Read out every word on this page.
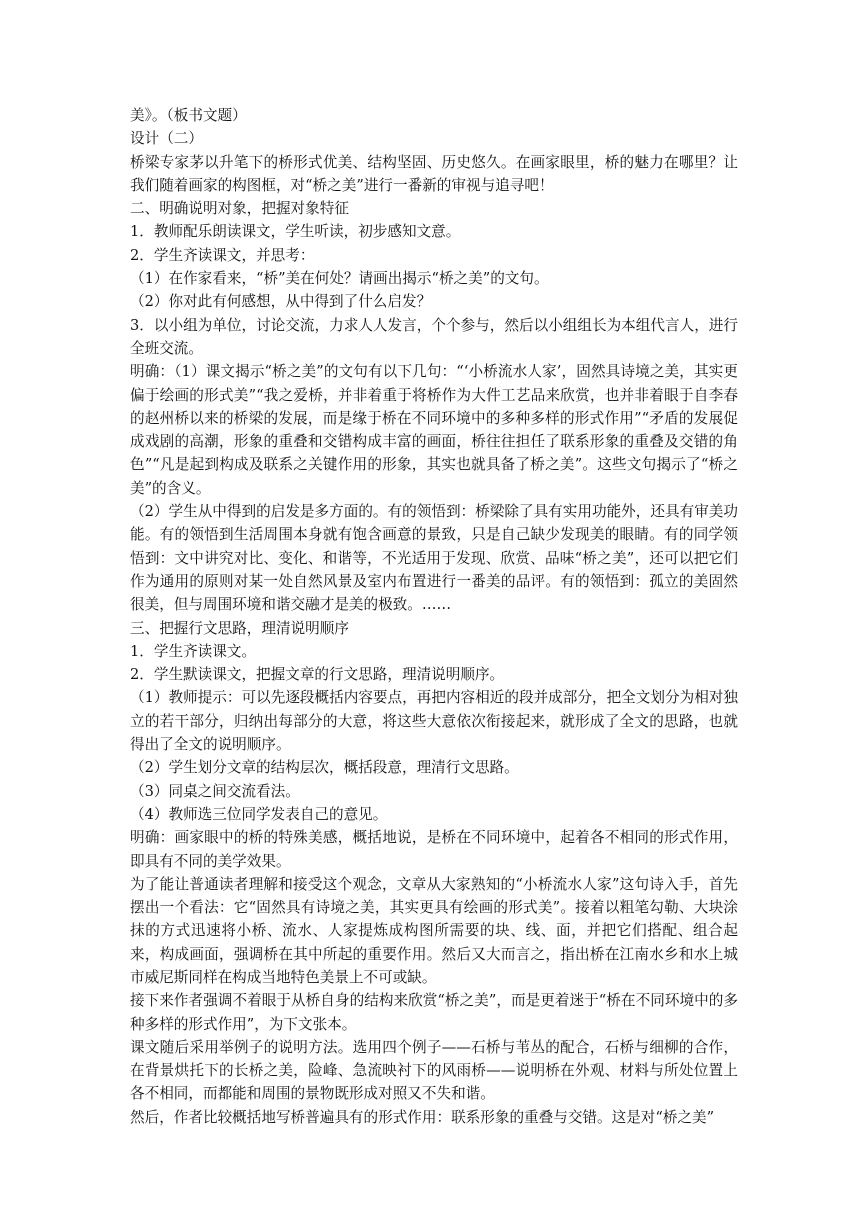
美》。（板书文题）

设计（二）

桥梁专家茅以升笔下的桥形式优美、结构坚固、历史悠久。在画家眼里，桥的魅力在哪里？让我们随着画家的构图框，对“桥之美”进行一番新的审视与追寻吧！

二、明确说明对象，把握对象特征

1．教师配乐朗读课文，学生听读，初步感知文意。

2．学生齐读课文，并思考：

（1）在作家看来，“桥”美在何处？请画出揭示“桥之美”的文句。

（2）你对此有何感想，从中得到了什么启发？

3．以小组为单位，讨论交流，力求人人发言，个个参与，然后以小组组长为本组代言人，进行全班交流。

明确：（1）课文揭示“桥之美”的文句有以下几句：“‘小桥流水人家’，固然具诗境之美，其实更偏于绘画的形式美”“我之爱桥，并非着重于将桥作为大件工艺品来欣赏，也并非着眼于自李春的赵州桥以来的桥梁的发展，而是缘于桥在不同环境中的多种多样的形式作用”“矛盾的发展促成戏剧的高潮，形象的重叠和交错构成丰富的画面，桥往往担任了联系形象的重叠及交错的角色”“凡是起到构成及联系之关键作用的形象，其实也就具备了桥之美”。这些文句揭示了“桥之美”的含义。

（2）学生从中得到的启发是多方面的。有的领悟到：桥梁除了具有实用功能外，还具有审美功能。有的领悟到生活周围本身就有饱含画意的景致，只是自己缺少发现美的眼睛。有的同学领悟到：文中讲究对比、变化、和谐等，不光适用于发现、欣赏、品味“桥之美”，还可以把它们作为通用的原则对某一处自然风景及室内布置进行一番美的品评。有的领悟到：孤立的美固然很美，但与周围环境和谐交融才是美的极致。……

三、把握行文思路，理清说明顺序

1．学生齐读课文。

2．学生默读课文，把握文章的行文思路，理清说明顺序。

（1）教师提示：可以先逐段概括内容要点，再把内容相近的段并成部分，把全文划分为相对独立的若干部分，归纳出每部分的大意，将这些大意依次衔接起来，就形成了全文的思路，也就得出了全文的说明顺序。

（2）学生划分文章的结构层次，概括段意，理清行文思路。

（3）同桌之间交流看法。

（4）教师选三位同学发表自己的意见。

明确：画家眼中的桥的特殊美感，概括地说，是桥在不同环境中，起着各不相同的形式作用，即具有不同的美学效果。

为了能让普通读者理解和接受这个观念，文章从大家熟知的“小桥流水人家”这句诗入手，首先摆出一个看法：它“固然具有诗境之美，其实更具有绘画的形式美”。接着以粗笔勾勒、大块涂抹的方式迅速将小桥、流水、人家提炼成构图所需要的块、线、面，并把它们搭配、组合起来，构成画面，强调桥在其中所起的重要作用。然后又大而言之，指出桥在江南水乡和水上城市威尼斯同样在构成当地特色美景上不可或缺。

接下来作者强调不着眼于从桥自身的结构来欣赏“桥之美”，而是更着迷于“桥在不同环境中的多种多样的形式作用”，为下文张本。

课文随后采用举例子的说明方法。选用四个例子——石桥与苇丛的配合，石桥与细柳的合作，在背景烘托下的长桥之美，险峰、急流映衬下的风雨桥——说明桥在外观、材料与所处位置上各不相同，而都能和周围的景物既形成对照又不失和谐。

然后，作者比较概括地写桥普遍具有的形式作用：联系形象的重叠与交错。这是对“桥之美”
